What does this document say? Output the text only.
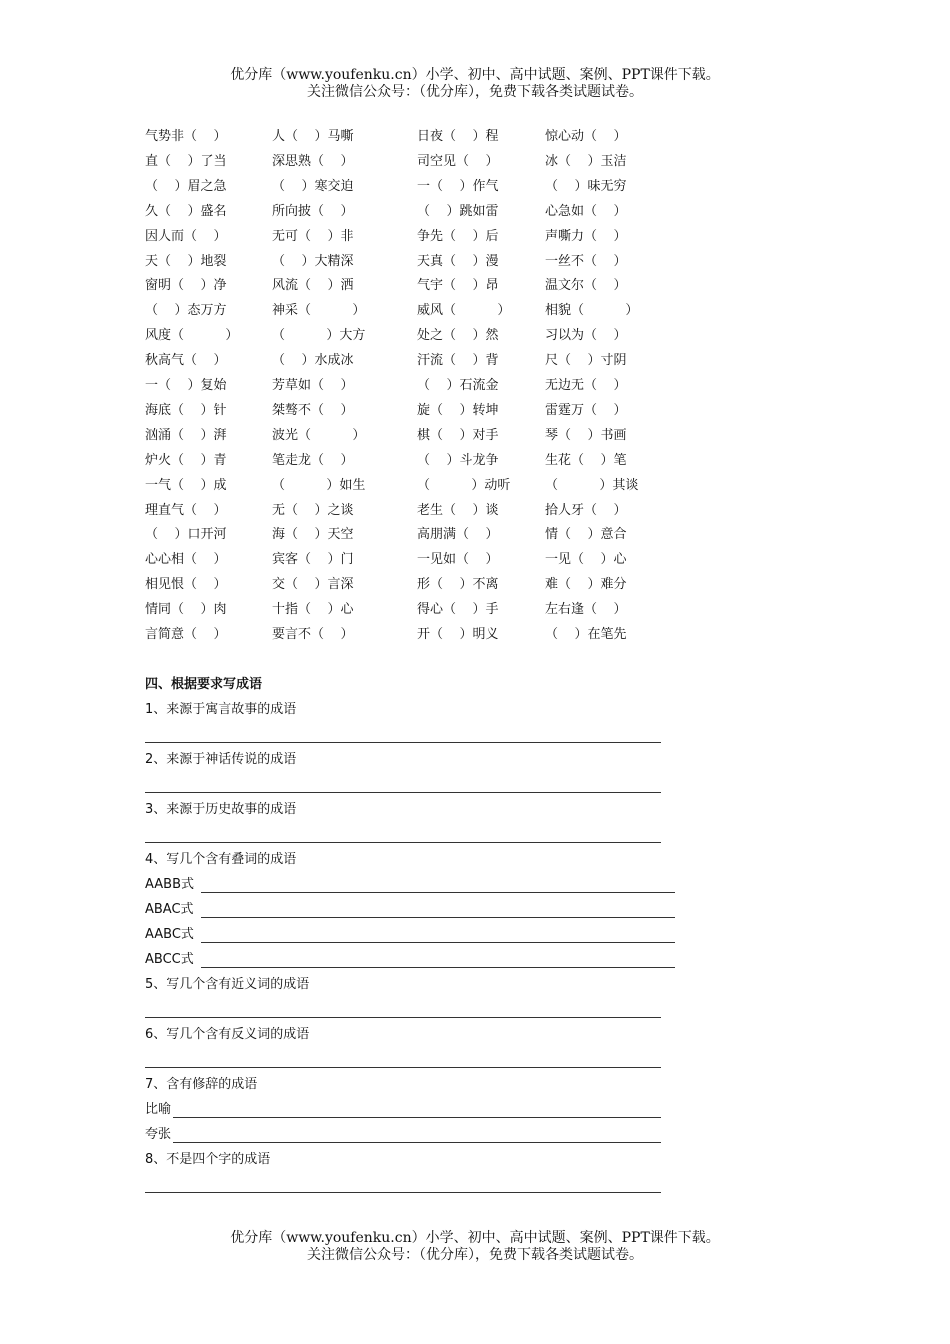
优分库（www.youfenku.cn）小学、初中、高中试题、案例、PPT课件下载。
关注微信公众号：（优分库），免费下载各类试题试卷。
气势非（    ）	人（    ）马嘶	日夜（    ）程	惊心动（    ）
直（    ）了当	深思熟（    ）	司空见（    ）	冰（    ）玉洁
（    ）眉之急	（    ）寒交迫	一（    ）作气	（    ）味无穷
久（    ）盛名	所向披（    ）	（    ）跳如雷	心急如（    ）
因人而（    ）	无可（    ）非	争先（    ）后	声嘶力（    ）
天（    ）地裂	（    ）大精深	天真（    ）漫	一丝不（    ）
窗明（    ）净	风流（    ）洒	气宇（    ）昂	温文尔（    ）
（    ）态万方	神采（          ）	威风（          ）	相貌（          ）
风度（          ）	（          ）大方	处之（    ）然	习以为（    ）
秋高气（    ）	（    ）水成冰	汗流（    ）背	尺（    ）寸阴
一（    ）复始	芳草如（    ）	（    ）石流金	无边无（    ）
海底（    ）针	桀骜不（    ）	旋（    ）转坤	雷霆万（    ）
汹涌（    ）湃	波光（          ）	棋（    ）对手	琴（    ）书画
炉火（    ）青	笔走龙（    ）	（    ）斗龙争	生花（    ）笔
一气（    ）成	（          ）如生	（          ）动听	（          ）其谈
理直气（    ）	无（    ）之谈	老生（    ）谈	拾人牙（    ）
（    ）口开河	海（    ）天空	高朋满（    ）	情（    ）意合
心心相（    ）	宾客（    ）门	一见如（    ）	一见（    ）心
相见恨（    ）	交（    ）言深	形（    ）不离	难（    ）难分
情同（    ）肉	十指（    ）心	得心（    ）手	左右逢（    ）
言简意（    ）	要言不（    ）	开（    ）明义	（    ）在笔先
四、根据要求写成语
1、来源于寓言故事的成语
2、来源于神话传说的成语
3、来源于历史故事的成语
4、写几个含有叠词的成语
AABB式
ABAC式
AABC式
ABCC式
5、写几个含有近义词的成语
6、写几个含有反义词的成语
7、含有修辞的成语
比喻
夸张
8、不是四个字的成语
优分库（www.youfenku.cn）小学、初中、高中试题、案例、PPT课件下载。
关注微信公众号：（优分库），免费下载各类试题试卷。
